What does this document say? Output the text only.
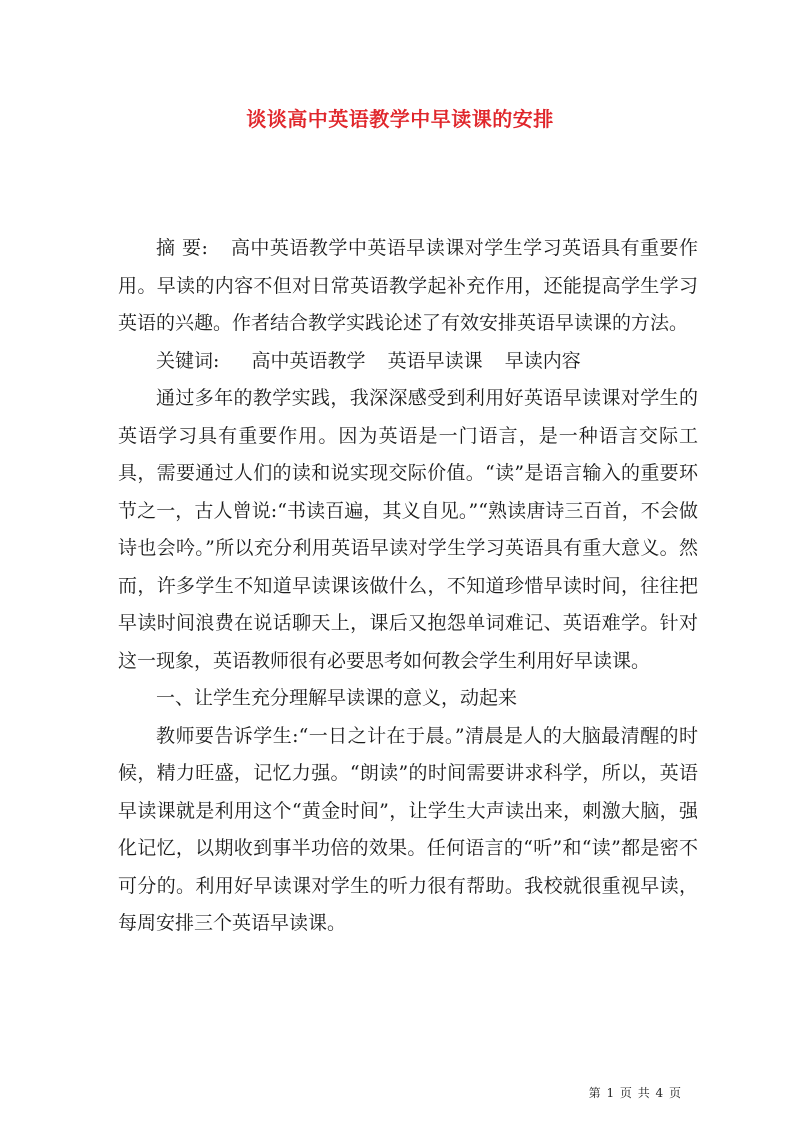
谈谈高中英语教学中早读课的安排

摘 要: 高中英语教学中英语早读课对学生学习英语具有重要作用。早读的内容不但对日常英语教学起补充作用，还能提高学生学习英语的兴趣。作者结合教学实践论述了有效安排英语早读课的方法。

关键词: 高中英语教学 英语早读课 早读内容

通过多年的教学实践，我深深感受到利用好英语早读课对学生的英语学习具有重要作用。因为英语是一门语言，是一种语言交际工具，需要通过人们的读和说实现交际价值。“读”是语言输入的重要环节之一，古人曾说:“书读百遍，其义自见。”“熟读唐诗三百首，不会做诗也会吟。”所以充分利用英语早读对学生学习英语具有重大意义。然而，许多学生不知道早读课该做什么，不知道珍惜早读时间，往往把早读时间浪费在说话聊天上，课后又抱怨单词难记、英语难学。针对这一现象，英语教师很有必要思考如何教会学生利用好早读课。

一、让学生充分理解早读课的意义，动起来

教师要告诉学生:“一日之计在于晨。”清晨是人的大脑最清醒的时候，精力旺盛，记忆力强。“朗读”的时间需要讲求科学，所以，英语早读课就是利用这个“黄金时间”，让学生大声读出来，刺激大脑，强化记忆，以期收到事半功倍的效果。任何语言的“听”和“读”都是密不可分的。利用好早读课对学生的听力很有帮助。我校就很重视早读，每周安排三个英语早读课。

第 1 页 共 4 页
